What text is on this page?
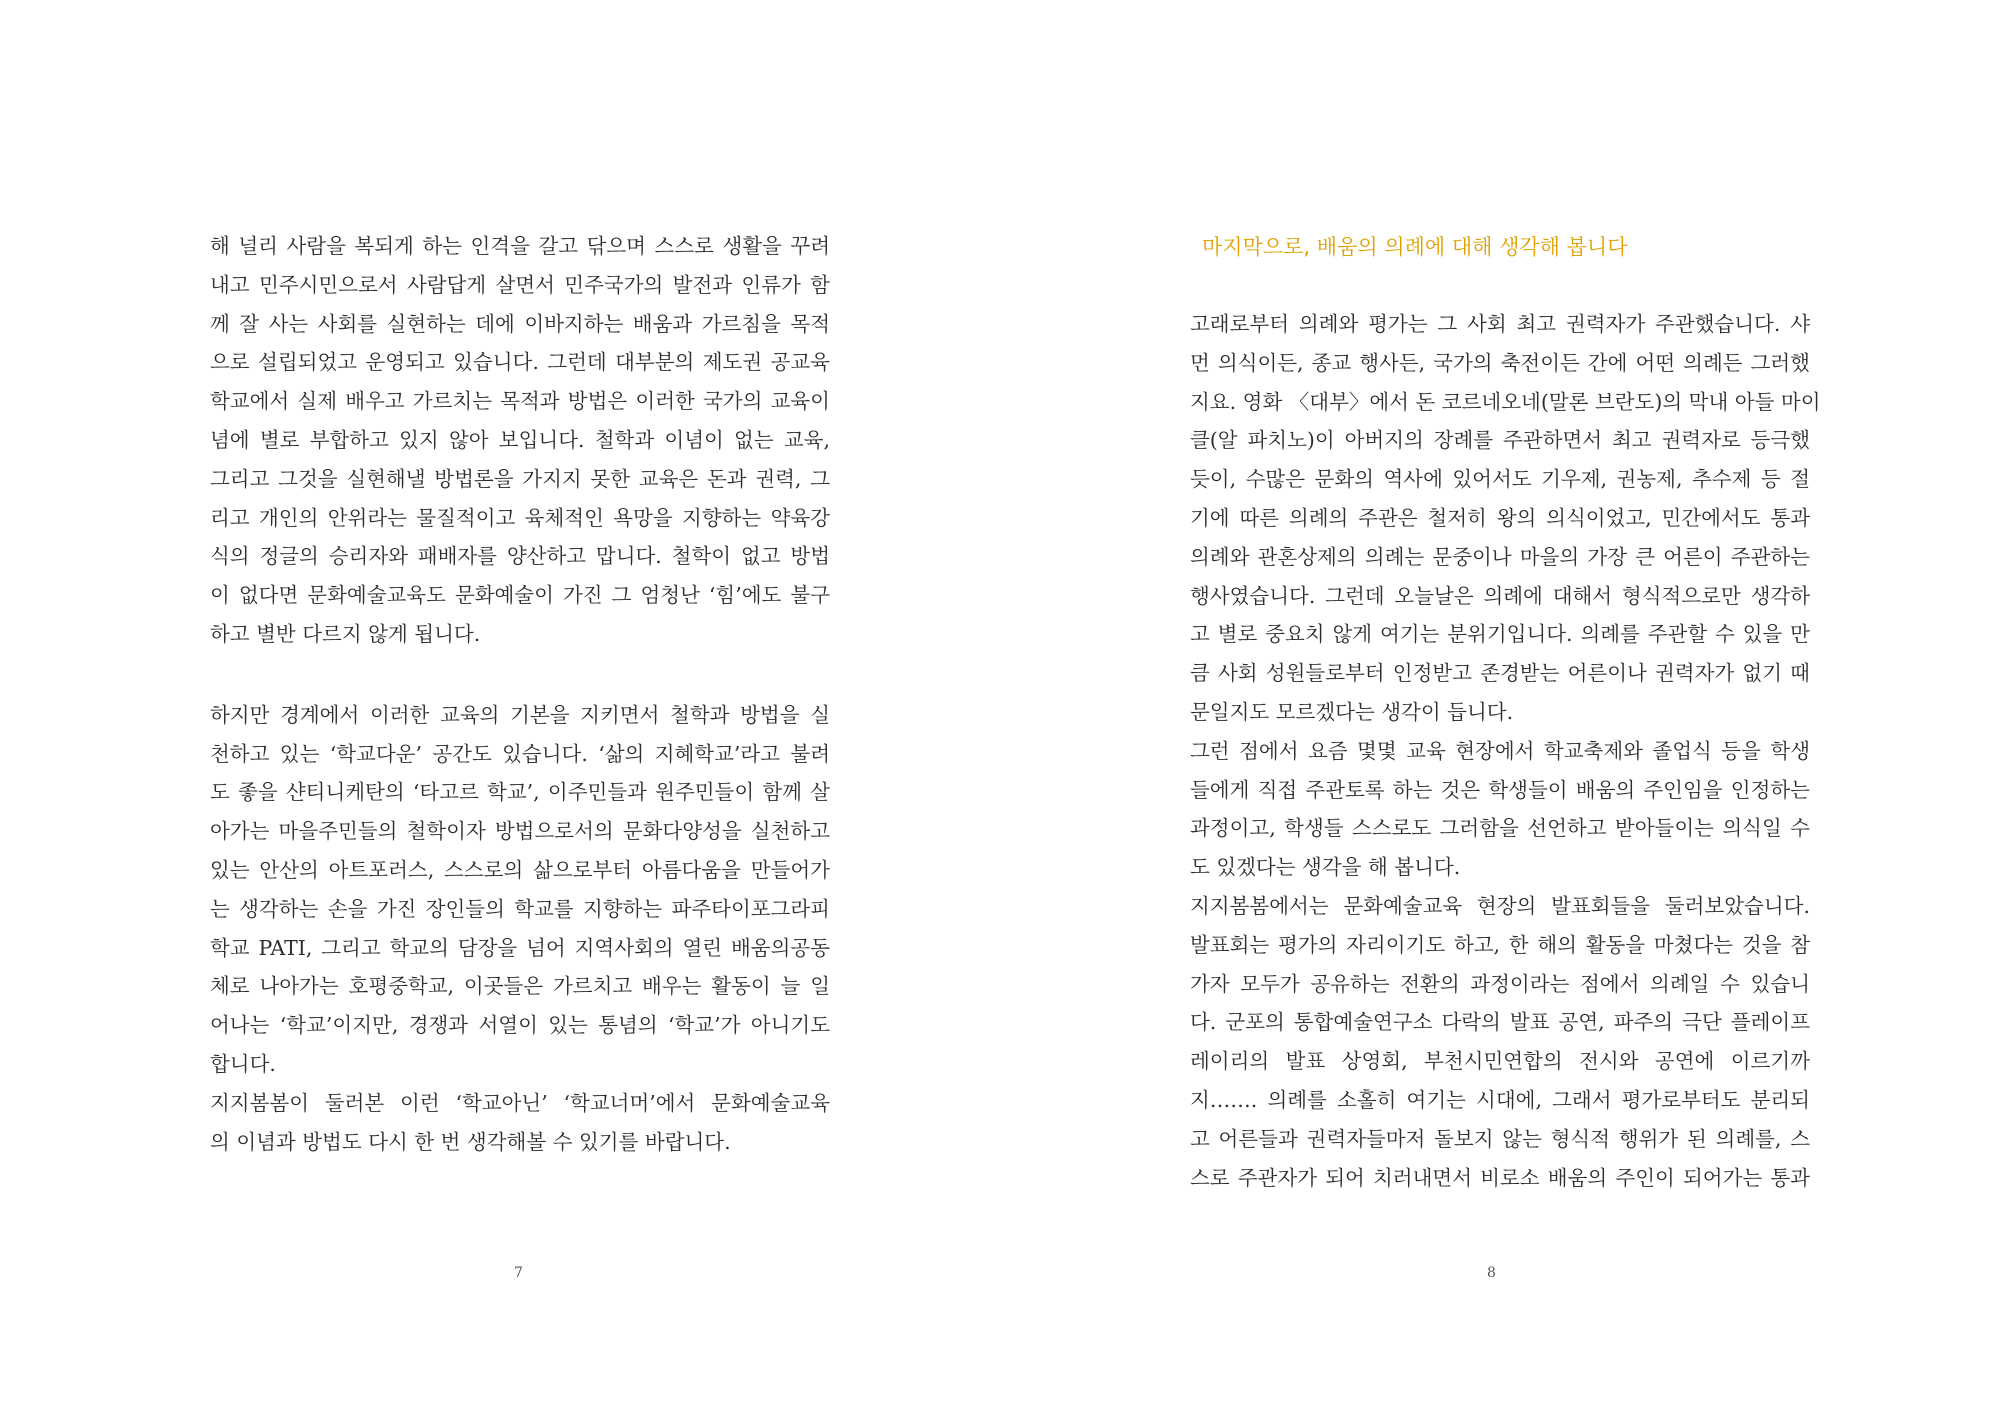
해 널리 사람을 복되게 하는 인격을 갈고 닦으며 스스로 생활을 꾸려
내고 민주시민으로서 사람답게 살면서 민주국가의 발전과 인류가 함
께 잘 사는 사회를 실현하는 데에 이바지하는 배움과 가르침을 목적
으로 설립되었고 운영되고 있습니다. 그런데 대부분의 제도권 공교육
학교에서 실제 배우고 가르치는 목적과 방법은 이러한 국가의 교육이
념에 별로 부합하고 있지 않아 보입니다. 철학과 이념이 없는 교육,
그리고 그것을 실현해낼 방법론을 가지지 못한 교육은 돈과 권력, 그
리고 개인의 안위라는 물질적이고 육체적인 욕망을 지향하는 약육강
식의 정글의 승리자와 패배자를 양산하고 맙니다. 철학이 없고 방법
이 없다면 문화예술교육도 문화예술이 가진 그 엄청난 ‘힘’에도 불구
하고 별반 다르지 않게 됩니다.
하지만 경계에서 이러한 교육의 기본을 지키면서 철학과 방법을 실
천하고 있는 ‘학교다운’ 공간도 있습니다. ‘삶의 지혜학교’라고 불려
도 좋을 샨티니케탄의 ‘타고르 학교’, 이주민들과 원주민들이 함께 살
아가는 마을주민들의 철학이자 방법으로서의 문화다양성을 실천하고
있는 안산의 아트포러스, 스스로의 삶으로부터 아름다움을 만들어가
는 생각하는 손을 가진 장인들의 학교를 지향하는 파주타이포그라피
학교 PATI, 그리고 학교의 담장을 넘어 지역사회의 열린 배움의공동
체로 나아가는 호평중학교, 이곳들은 가르치고 배우는 활동이 늘 일
어나는 ‘학교’이지만, 경쟁과 서열이 있는 통념의 ‘학교’가 아니기도
합니다.
지지봄봄이 둘러본 이런 ‘학교아닌’ ‘학교너머’에서 문화예술교육
의 이념과 방법도 다시 한 번 생각해볼 수 있기를 바랍니다.
7
마지막으로, 배움의 의례에 대해 생각해 봅니다
고래로부터 의례와 평가는 그 사회 최고 권력자가 주관했습니다. 샤
먼 의식이든, 종교 행사든, 국가의 축전이든 간에 어떤 의례든 그러했
지요. 영화 〈대부〉에서 돈 코르네오네(말론 브란도)의 막내 아들 마이
클(알 파치노)이 아버지의 장례를 주관하면서 최고 권력자로 등극했
듯이, 수많은 문화의 역사에 있어서도 기우제, 권농제, 추수제 등 절
기에 따른 의례의 주관은 철저히 왕의 의식이었고, 민간에서도 통과
의례와 관혼상제의 의례는 문중이나 마을의 가장 큰 어른이 주관하는
행사였습니다. 그런데 오늘날은 의례에 대해서 형식적으로만 생각하
고 별로 중요치 않게 여기는 분위기입니다. 의례를 주관할 수 있을 만
큼 사회 성원들로부터 인정받고 존경받는 어른이나 권력자가 없기 때
문일지도 모르겠다는 생각이 듭니다.
그런 점에서 요즘 몇몇 교육 현장에서 학교축제와 졸업식 등을 학생
들에게 직접 주관토록 하는 것은 학생들이 배움의 주인임을 인정하는
과정이고, 학생들 스스로도 그러함을 선언하고 받아들이는 의식일 수
도 있겠다는 생각을 해 봅니다.
지지봄봄에서는 문화예술교육 현장의 발표회들을 둘러보았습니다.
발표회는 평가의 자리이기도 하고, 한 해의 활동을 마쳤다는 것을 참
가자 모두가 공유하는 전환의 과정이라는 점에서 의례일 수 있습니
다. 군포의 통합예술연구소 다락의 발표 공연, 파주의 극단 플레이프
레이리의 발표 상영회, 부천시민연합의 전시와 공연에 이르기까
지……. 의례를 소홀히 여기는 시대에, 그래서 평가로부터도 분리되
고 어른들과 권력자들마저 돌보지 않는 형식적 행위가 된 의례를, 스
스로 주관자가 되어 치러내면서 비로소 배움의 주인이 되어가는 통과
8
